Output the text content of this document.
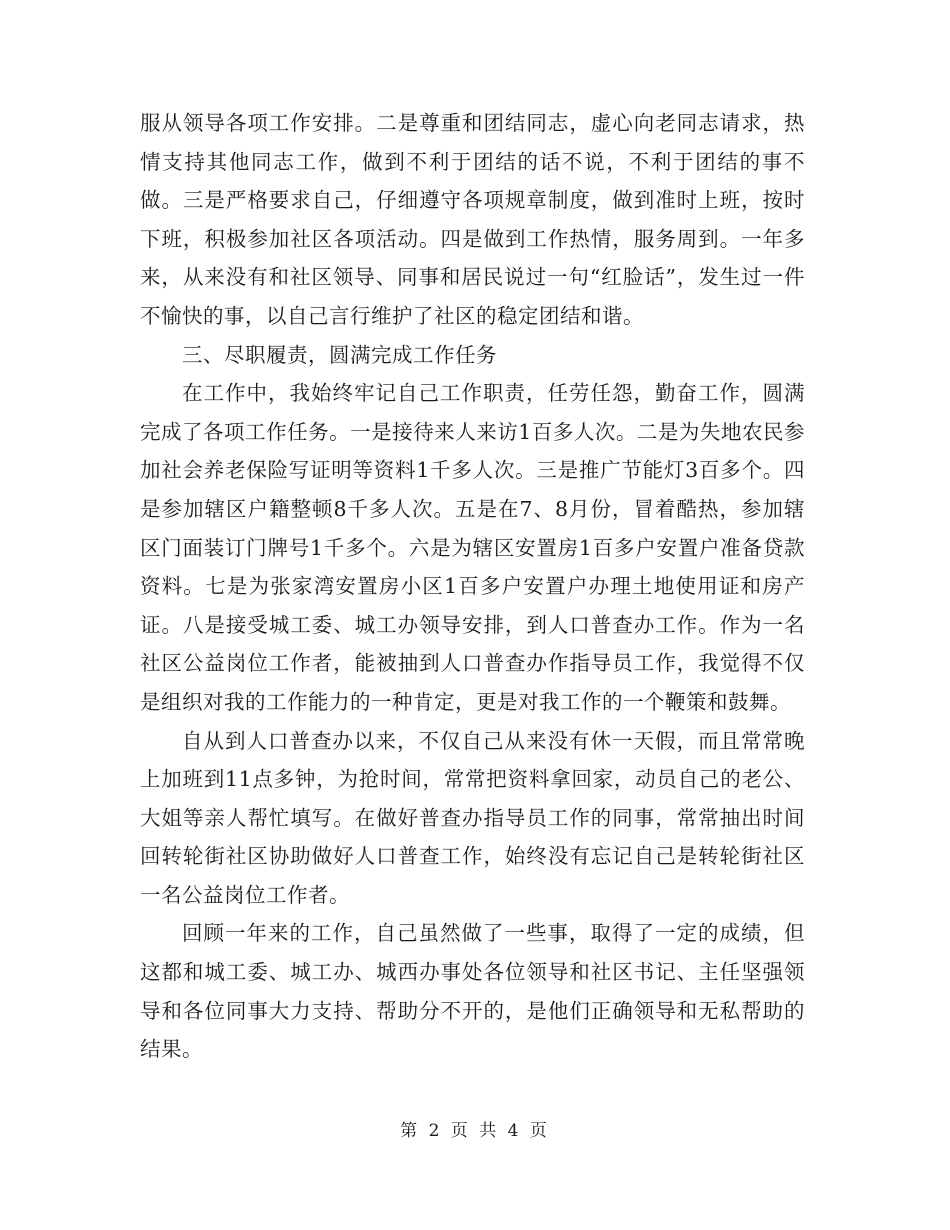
服从领导各项工作安排。二是尊重和团结同志，虚心向老同志请求，热情支持其他同志工作，做到不利于团结的话不说，不利于团结的事不做。三是严格要求自己，仔细遵守各项规章制度，做到准时上班，按时下班，积极参加社区各项活动。四是做到工作热情，服务周到。一年多来，从来没有和社区领导、同事和居民说过一句“红脸话”，发生过一件不愉快的事，以自己言行维护了社区的稳定团结和谐。

三、尽职履责，圆满完成工作任务

在工作中，我始终牢记自己工作职责，任劳任怨，勤奋工作，圆满完成了各项工作任务。一是接待来人来访1百多人次。二是为失地农民参加社会养老保险写证明等资料1千多人次。三是推广节能灯3百多个。四是参加辖区户籍整顿8千多人次。五是在7、8月份，冒着酷热，参加辖区门面装订门牌号1千多个。六是为辖区安置房1百多户安置户准备贷款资料。七是为张家湾安置房小区1百多户安置户办理土地使用证和房产证。八是接受城工委、城工办领导安排，到人口普查办工作。作为一名社区公益岗位工作者，能被抽到人口普查办作指导员工作，我觉得不仅是组织对我的工作能力的一种肯定，更是对我工作的一个鞭策和鼓舞。

自从到人口普查办以来，不仅自己从来没有休一天假，而且常常晚上加班到11点多钟，为抢时间，常常把资料拿回家，动员自己的老公、大姐等亲人帮忙填写。在做好普查办指导员工作的同事，常常抽出时间回转轮街社区协助做好人口普查工作，始终没有忘记自己是转轮街社区一名公益岗位工作者。

回顾一年来的工作，自己虽然做了一些事，取得了一定的成绩，但这都和城工委、城工办、城西办事处各位领导和社区书记、主任坚强领导和各位同事大力支持、帮助分不开的，是他们正确领导和无私帮助的结果。

第 2 页 共 4 页
